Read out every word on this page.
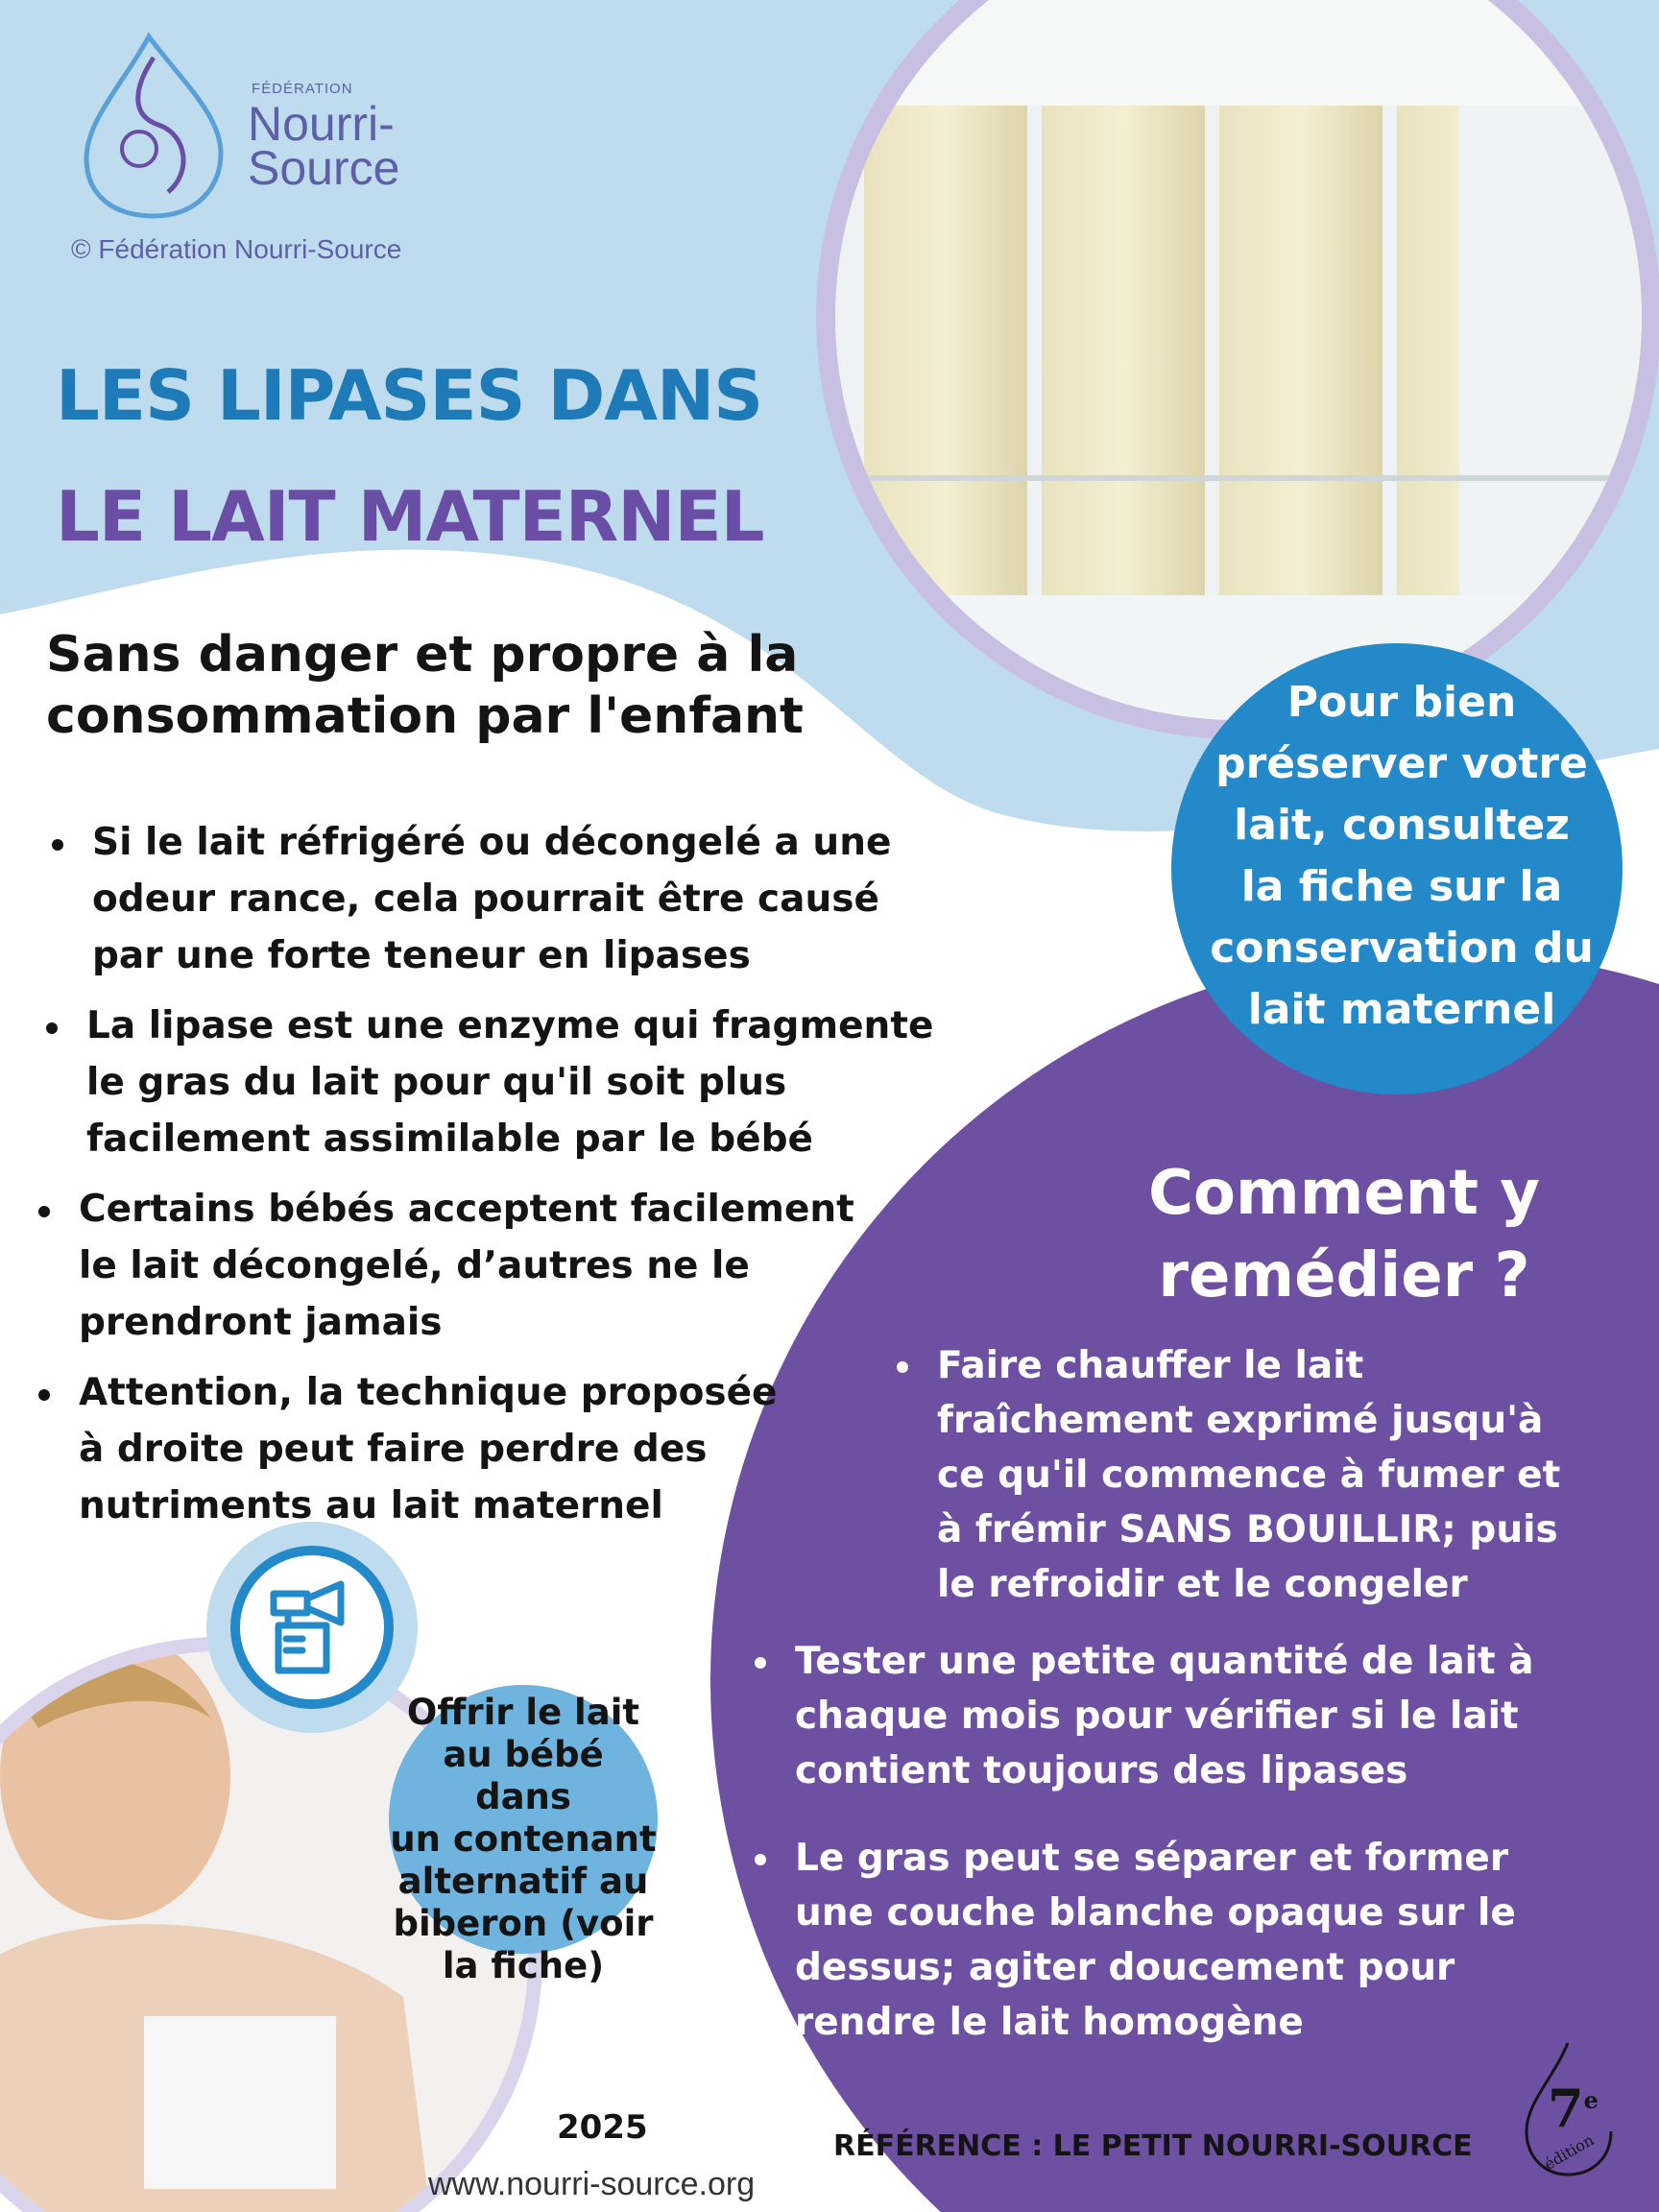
FÉDÉRATION
Nourri-
Source
© Fédération Nourri-Source
LES LIPASES DANS
LE LAIT MATERNEL
Sans danger et propre à la
consommation par l'enfant
Si le lait réfrigéré ou décongelé a une
odeur rance, cela pourrait être causé
par une forte teneur en lipases
La lipase est une enzyme qui fragmente
le gras du lait pour qu'il soit plus
facilement assimilable par le bébé
Certains bébés acceptent facilement
le lait décongelé, d’autres ne le
prendront jamais
Attention, la technique proposée
à droite peut faire perdre des
nutriments au lait maternel
Pour bien
préserver votre
lait, consultez
la fiche sur la
conservation du
lait maternel
Comment y
remédier ?
Faire chauffer le lait
fraîchement exprimé jusqu'à
ce qu'il commence à fumer et
à frémir SANS BOUILLIR; puis
le refroidir et le congeler
Tester une petite quantité de lait à
chaque mois pour vérifier si le lait
contient toujours des lipases
Le gras peut se séparer et former
une couche blanche opaque sur le
dessus; agiter doucement pour
rendre le lait homogène
Offrir le lait
au bébé dans
un contenant
alternatif au
biberon (voir
la fiche)
2025
www.nourri-source.org
RÉFÉRENCE : LE PETIT NOURRI-SOURCE
7e
édition
